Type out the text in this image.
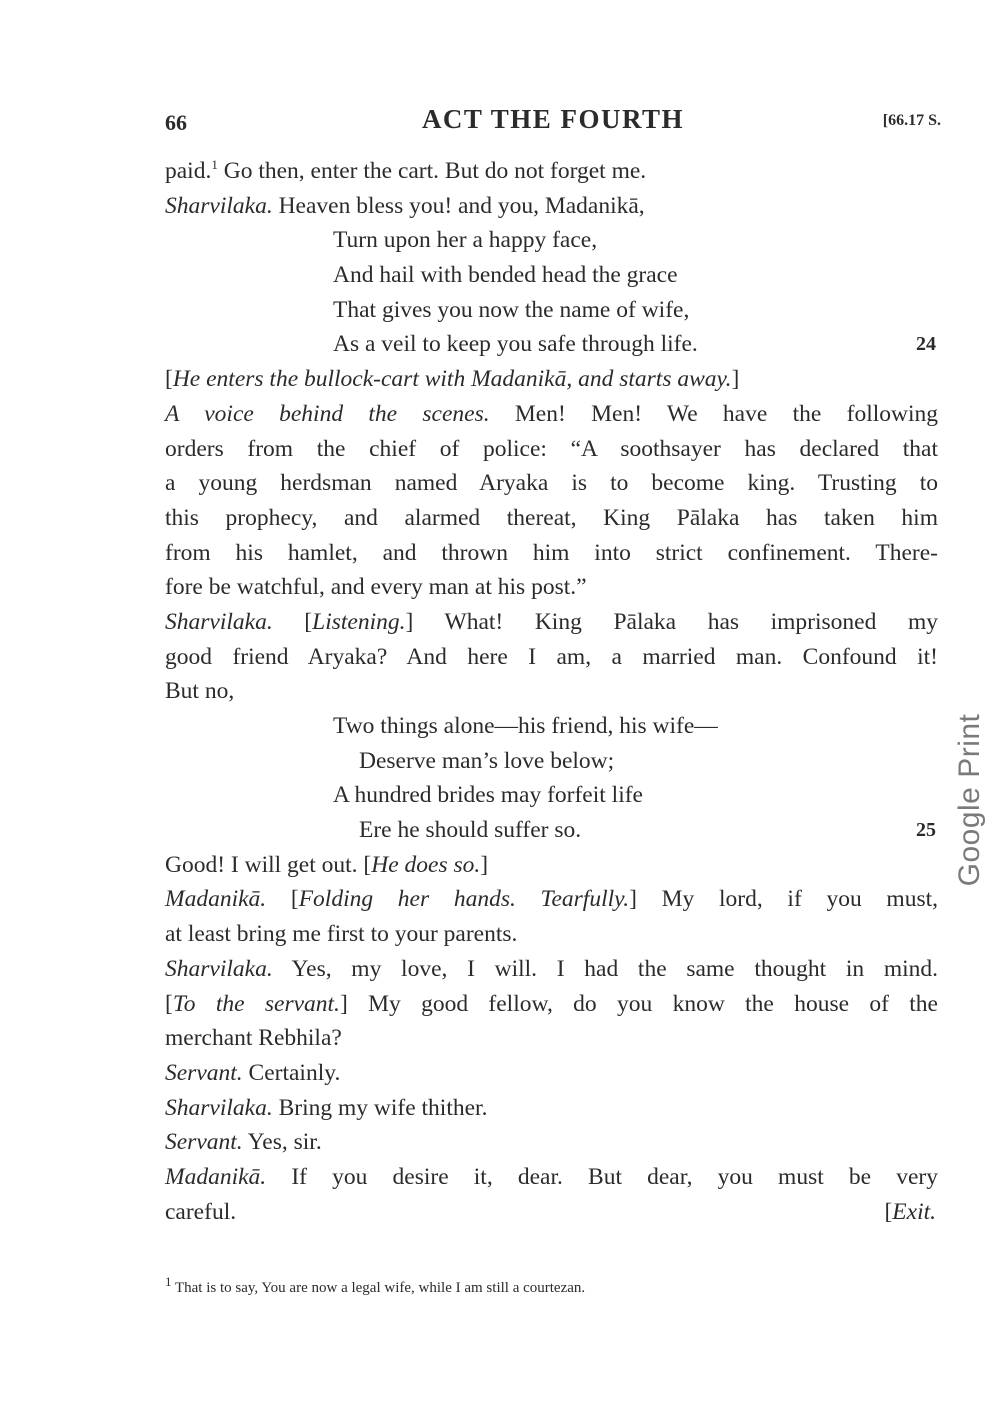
66	ACT THE FOURTH	[66.17 S.
paid.$^1$ Go then, enter the cart. But do not forget me.
Sharvilaka. Heaven bless you! and you, Madanikā,
Turn upon her a happy face,
And hail with bended head the grace
That gives you now the name of wife,
As a veil to keep you safe through life.	24
[He enters the bullock-cart with Madanikā, and starts away.]
A voice behind the scenes. Men! Men! We have the following
orders from the chief of police: “A soothsayer has declared that
a young herdsman named Aryaka is to become king. Trusting to
this prophecy, and alarmed thereat, King Pālaka has taken him
from his hamlet, and thrown him into strict confinement. There-
fore be watchful, and every man at his post.”
Sharvilaka. [Listening.] What! King Pālaka has imprisoned my
good friend Aryaka? And here I am, a married man. Confound it!
But no,
Two things alone—his friend, his wife—
Deserve man’s love below;
A hundred brides may forfeit life
Ere he should suffer so.	25
Good! I will get out. [He does so.]
Madanikā. [Folding her hands. Tearfully.] My lord, if you must,
at least bring me first to your parents.
Sharvilaka. Yes, my love, I will. I had the same thought in mind.
[To the servant.] My good fellow, do you know the house of the
merchant Rebhila?
Servant. Certainly.
Sharvilaka. Bring my wife thither.
Servant. Yes, sir.
Madanikā. If you desire it, dear. But dear, you must be very
careful.	[Exit.
$^1$ That is to say, You are now a legal wife, while I am still a courtezan.
Google Print
